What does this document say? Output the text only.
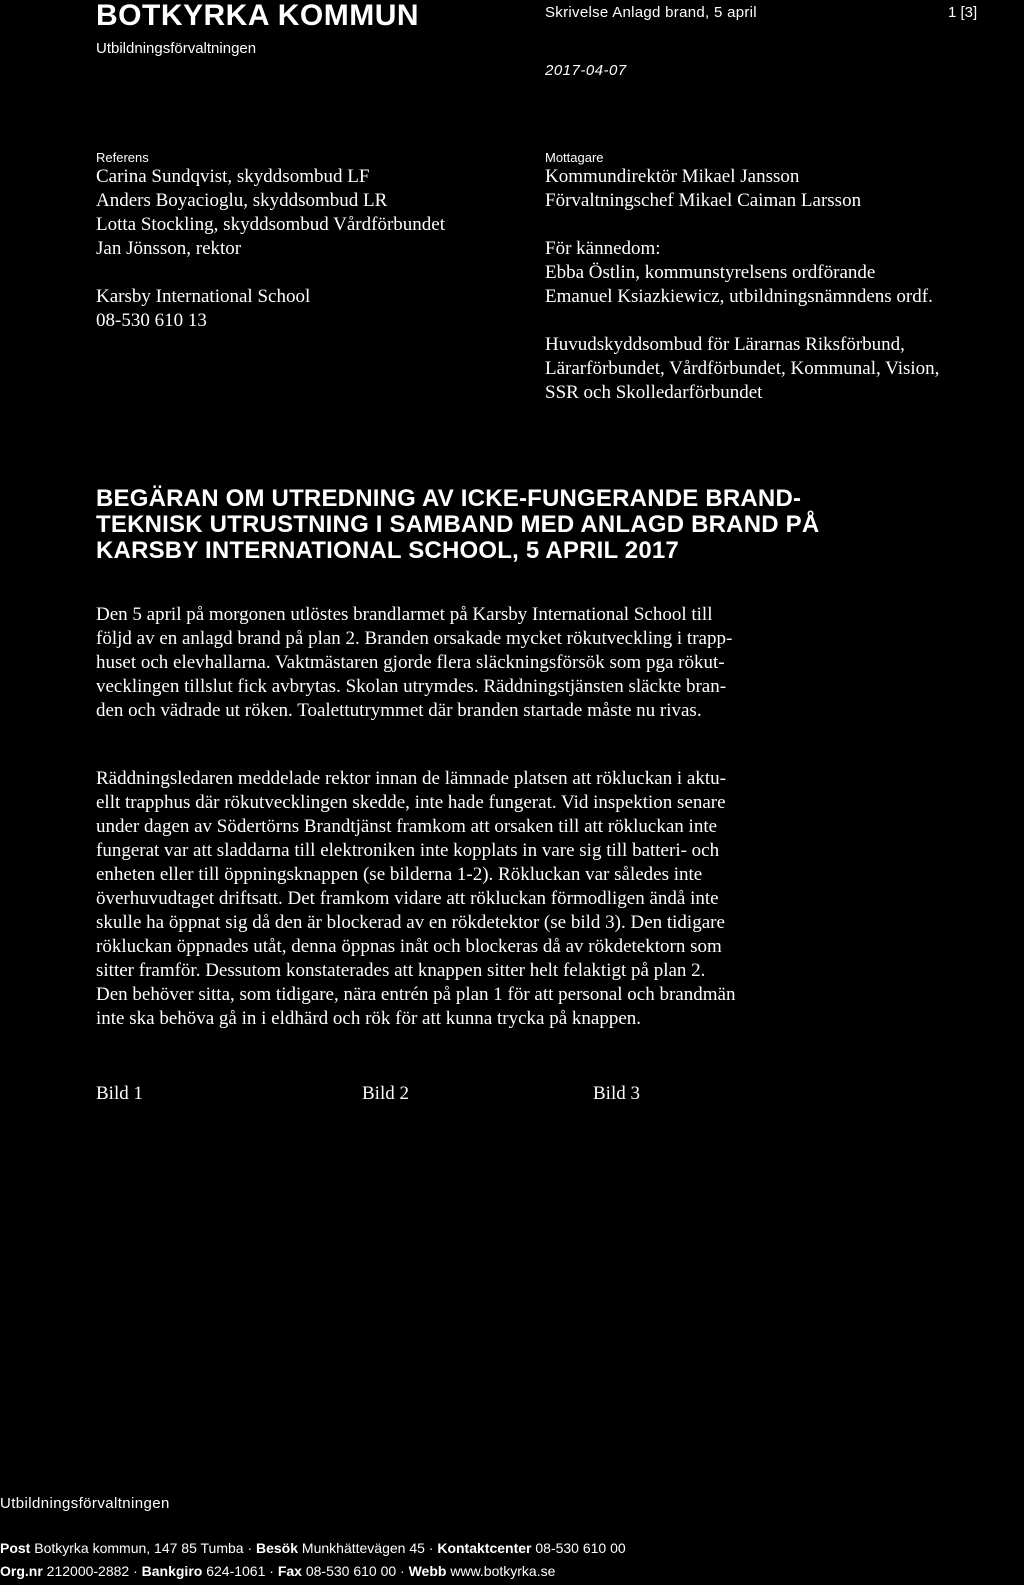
BOTKYRKA KOMMUN
Utbildningsförvaltningen
Skrivelse Anlagd brand, 5 april	1 [3]
2017-04-07
Referens
Carina Sundqvist, skyddsombud LF
Anders Boyacioglu, skyddsombud LR
Lotta Stockling, skyddsombud Vårdförbundet
Jan Jönsson, rektor
Karsby International School
08-530 610 13
Mottagare
Kommundirektör Mikael Jansson
Förvaltningschef Mikael Caiman Larsson
För kännedom:
Ebba Östlin, kommunstyrelsens ordförande
Emanuel Ksiazkiewicz, utbildningsnämndens ordf.
Huvudskyddsombud för Lärarnas Riksförbund,
Lärarförbundet, Vårdförbundet, Kommunal, Vision,
SSR och Skolledarförbundet
BEGÄRAN OM UTREDNING AV ICKE-FUNGERANDE BRAND-
TEKNISK UTRUSTNING I SAMBAND MED ANLAGD BRAND PÅ
KARSBY INTERNATIONAL SCHOOL, 5 APRIL 2017
Den 5 april på morgonen utlöstes brandlarmet på Karsby International School till
följd av en anlagd brand på plan 2. Branden orsakade mycket rökutveckling i trapp-
huset och elevhallarna. Vaktmästaren gjorde flera släckningsförsök som pga rökut-
vecklingen tillslut fick avbrytas. Skolan utrymdes. Räddningstjänsten släckte bran-
den och vädrade ut röken. Toalettutrymmet där branden startade måste nu rivas.
Räddningsledaren meddelade rektor innan de lämnade platsen att rökluckan i aktu-
ellt trapphus där rökutvecklingen skedde, inte hade fungerat. Vid inspektion senare
under dagen av Södertörns Brandtjänst framkom att orsaken till att rökluckan inte
fungerat var att sladdarna till elektroniken inte kopplats in vare sig till batteri- och
enheten eller till öppningsknappen (se bilderna 1-2). Rökluckan var således inte
överhuvudtaget driftsatt. Det framkom vidare att rökluckan förmodligen ändå inte
skulle ha öppnat sig då den är blockerad av en rökdetektor (se bild 3). Den tidigare
rökluckan öppnades utåt, denna öppnas inåt och blockeras då av rökdetektorn som
sitter framför. Dessutom konstaterades att knappen sitter helt felaktigt på plan 2.
Den behöver sitta, som tidigare, nära entrén på plan 1 för att personal och brandmän
inte ska behöva gå in i eldhärd och rök för att kunna trycka på knappen.
Bild 1	Bild 2	Bild 3
Utbildningsförvaltningen
Post Botkyrka kommun, 147 85 Tumba · Besök Munkhättevägen 45 · Kontaktcenter 08-530 610 00
Org.nr 212000-2882 · Bankgiro 624-1061 · Fax 08-530 610 00 · Webb www.botkyrka.se
